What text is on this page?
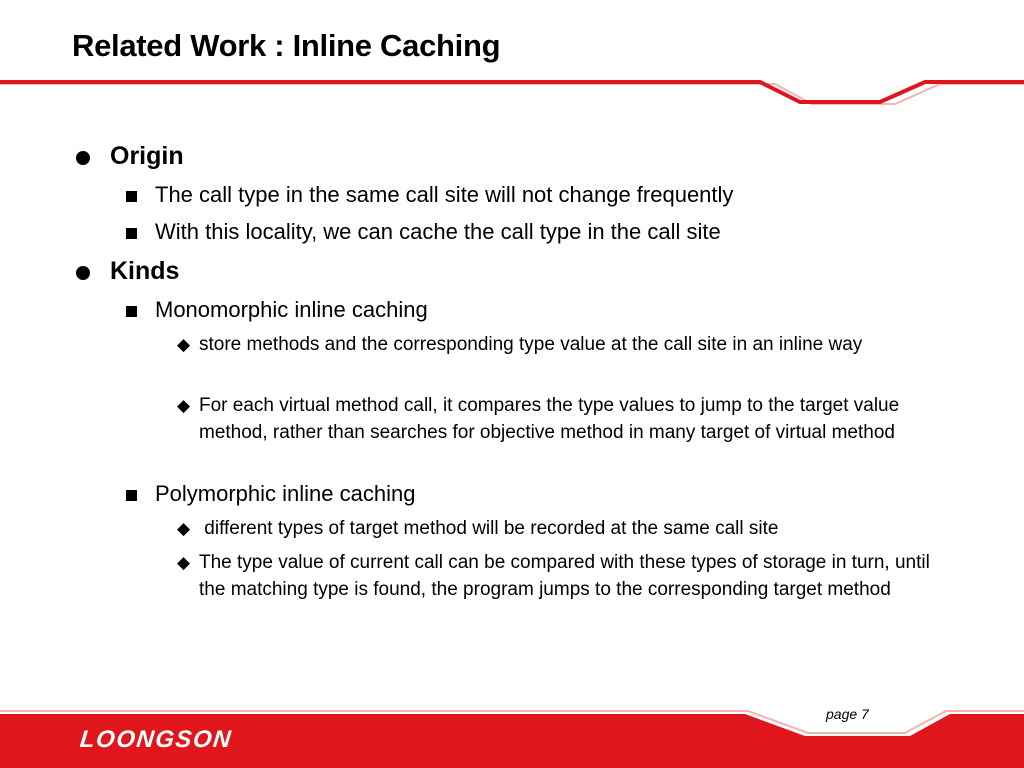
Related Work : Inline Caching
Origin
The call type in the same call site will not change frequently
With this locality, we can cache the call type in the call site
Kinds
Monomorphic inline caching
◆ store methods and the corresponding type value at the call site in an inline way
◆ For each virtual method call, it compares the type values to jump to the target value method, rather than searches for objective method in many target of virtual method
Polymorphic inline caching
◆ different types of target method will be recorded at the same call site
◆ The type value of current call can be compared with these types of storage in turn, until the matching type is found, the program jumps to the corresponding target method
page 7
LOONGSON
